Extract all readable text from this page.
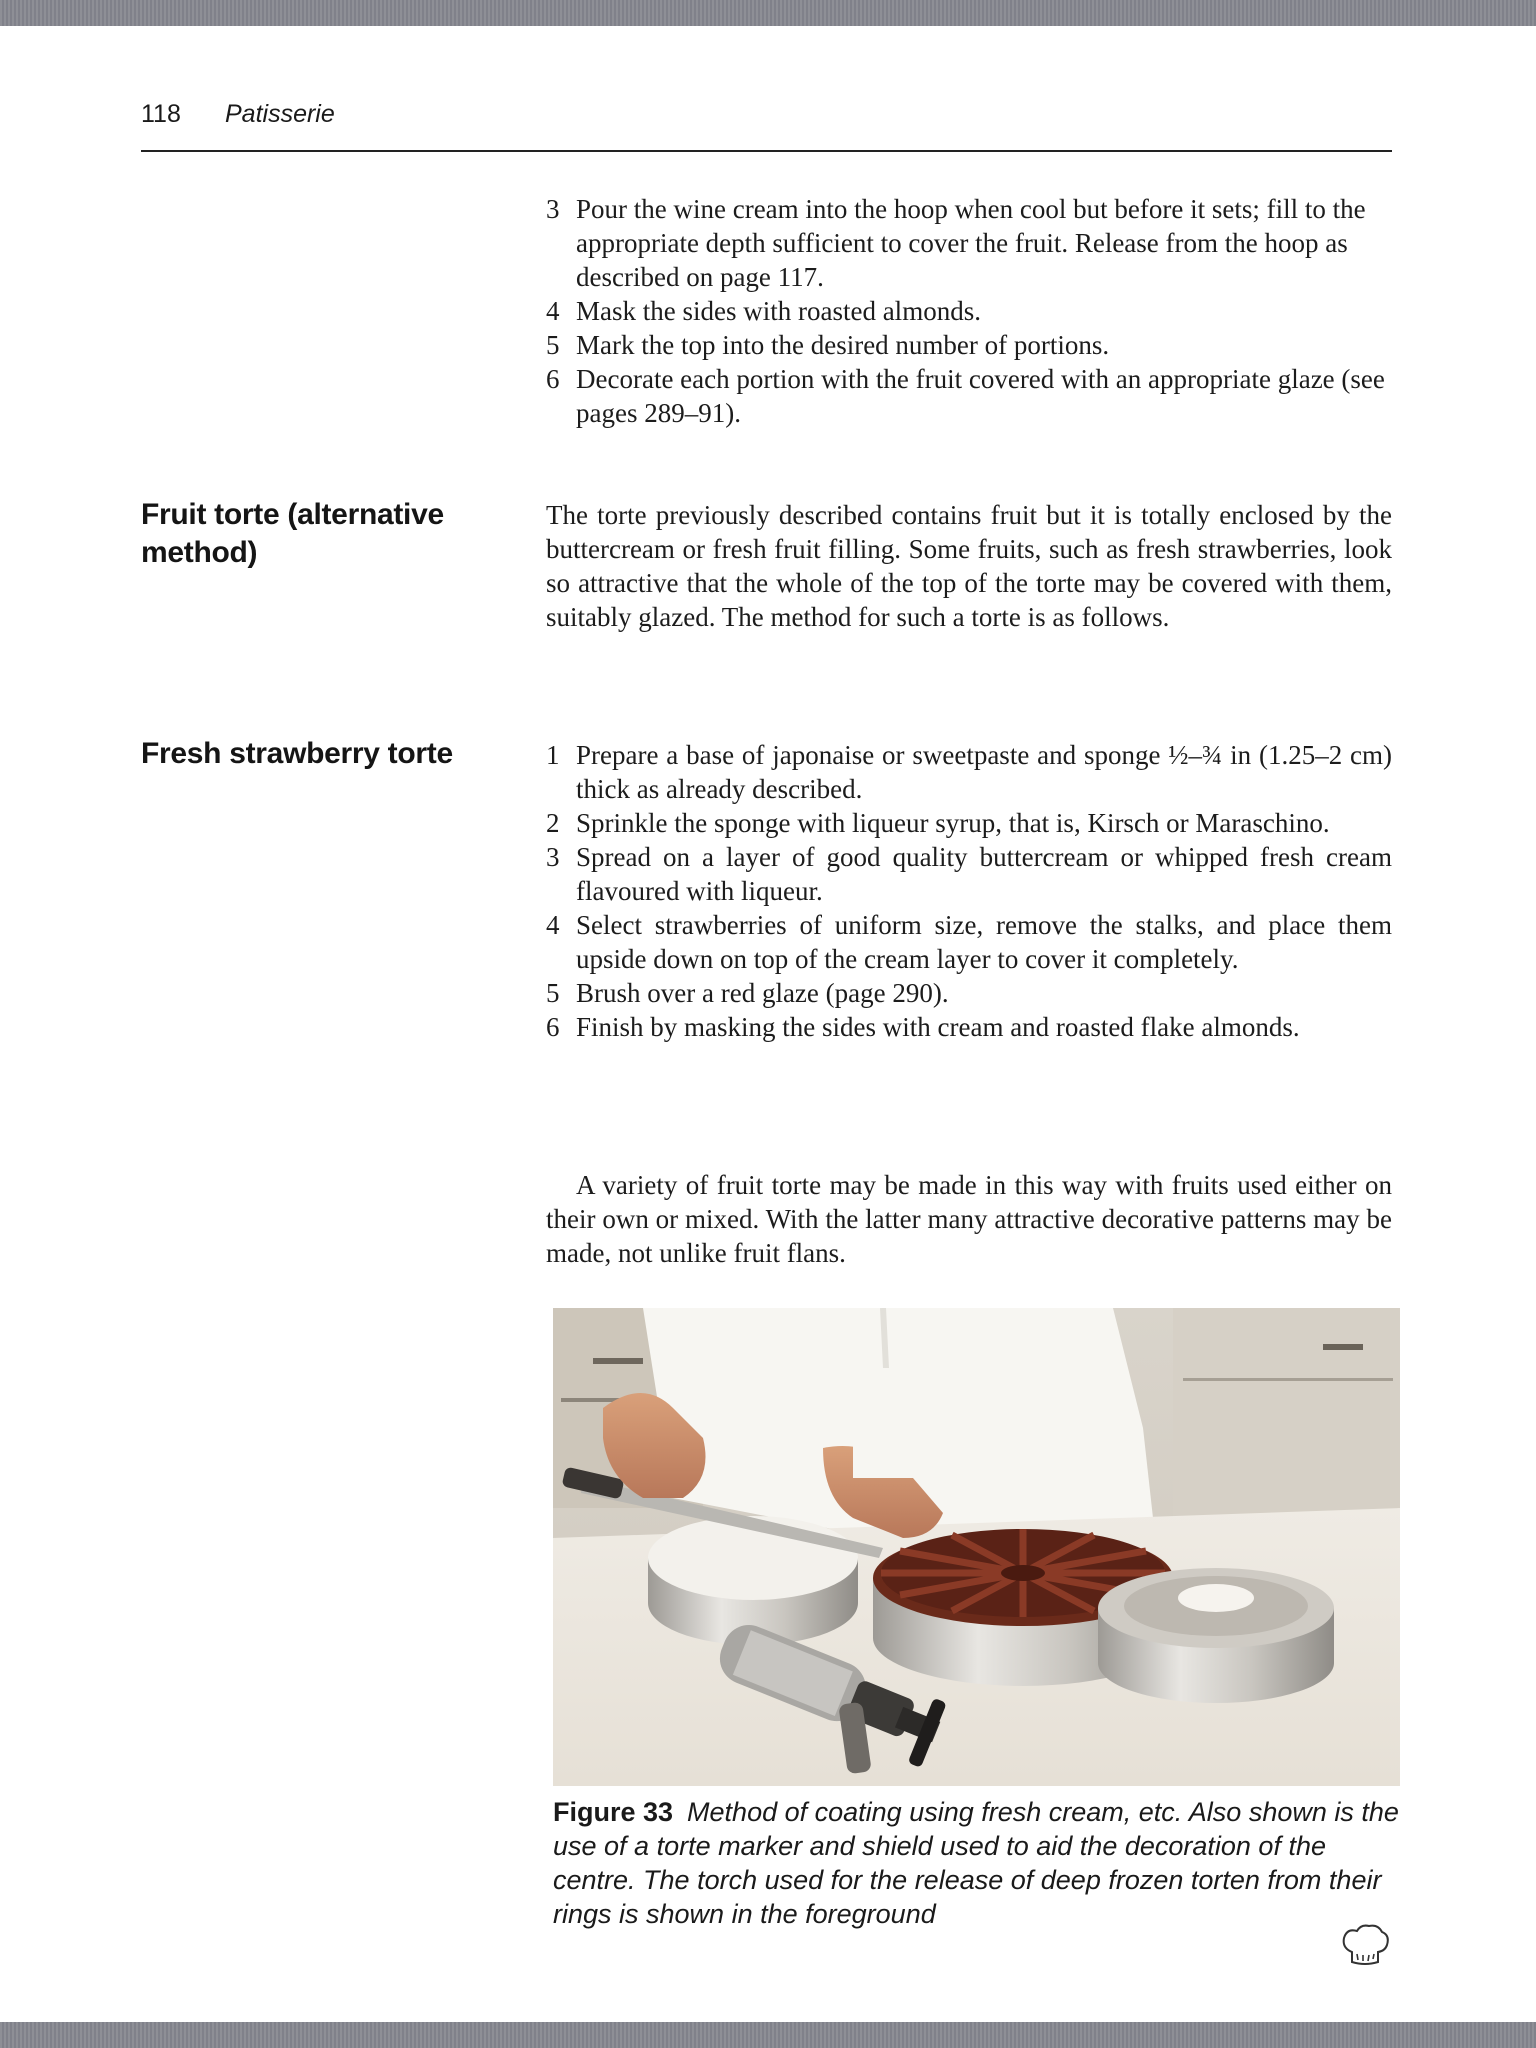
118 Patisserie
3 Pour the wine cream into the hoop when cool but before it sets; fill to the appropriate depth sufficient to cover the fruit. Release from the hoop as described on page 117.
4 Mask the sides with roasted almonds.
5 Mark the top into the desired number of portions.
6 Decorate each portion with the fruit covered with an appropriate glaze (see pages 289–91).
Fruit torte (alternative method)

The torte previously described contains fruit but it is totally enclosed by the buttercream or fresh fruit filling. Some fruits, such as fresh strawberries, look so attractive that the whole of the top of the torte may be covered with them, suitably glazed. The method for such a torte is as follows.

Fresh strawberry torte	1 Prepare a base of japonaise or sweetpaste and sponge ½–¾ in (1.25–2 cm) thick as already described.
2 Sprinkle the sponge with liqueur syrup, that is, Kirsch or Maraschino.
3 Spread on a layer of good quality buttercream or whipped fresh cream flavoured with liqueur.
4 Select strawberries of uniform size, remove the stalks, and place them upside down on top of the cream layer to cover it completely.
5 Brush over a red glaze (page 290).
6 Finish by masking the sides with cream and roasted flake almonds.

A variety of fruit torte may be made in this way with fruits used either on their own or mixed. With the latter many attractive decorative patterns may be made, not unlike fruit flans.

Figure 33 Method of coating using fresh cream, etc. Also shown is the use of a torte marker and shield used to aid the decoration of the centre. The torch used for the release of deep frozen torten from their rings is shown in the foreground
